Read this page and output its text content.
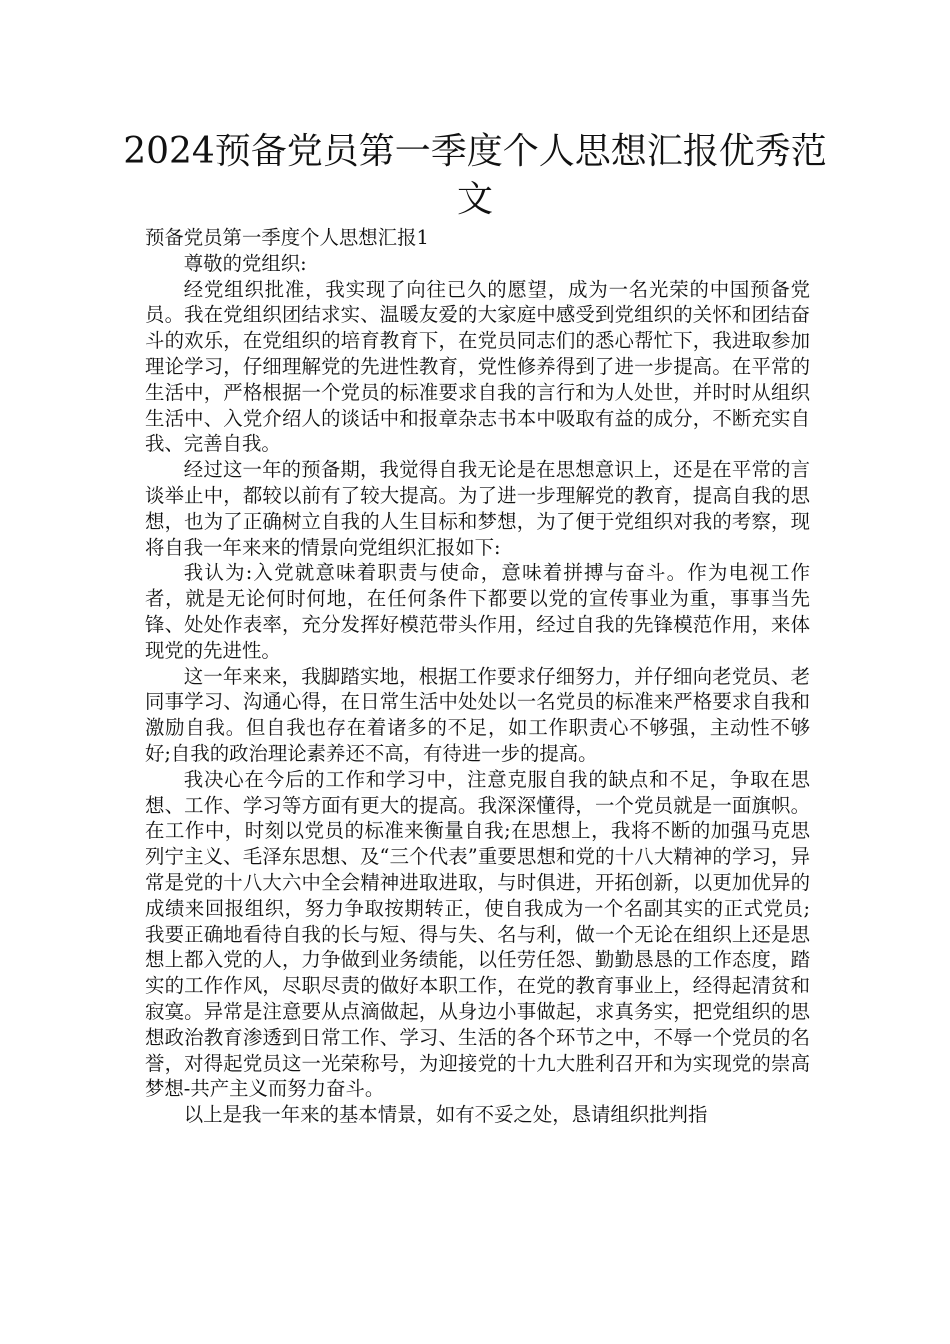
2024预备党员第一季度个人思想汇报优秀范文

预备党员第一季度个人思想汇报1

尊敬的党组织:

经党组织批准，我实现了向往已久的愿望，成为一名光荣的中国预备党员。我在党组织团结求实、温暖友爱的大家庭中感受到党组织的关怀和团结奋斗的欢乐，在党组织的培育教育下，在党员同志们的悉心帮忙下，我进取参加理论学习，仔细理解党的先进性教育，党性修养得到了进一步提高。在平常的生活中，严格根据一个党员的标准要求自我的言行和为人处世，并时时从组织生活中、入党介绍人的谈话中和报章杂志书本中吸取有益的成分，不断充实自我、完善自我。

经过这一年的预备期，我觉得自我无论是在思想意识上，还是在平常的言谈举止中，都较以前有了较大提高。为了进一步理解党的教育，提高自我的思想，也为了正确树立自我的人生目标和梦想，为了便于党组织对我的考察，现将自我一年来来的情景向党组织汇报如下:

我认为:入党就意味着职责与使命，意味着拼搏与奋斗。作为电视工作者，就是无论何时何地，在任何条件下都要以党的宣传事业为重，事事当先锋、处处作表率，充分发挥好模范带头作用，经过自我的先锋模范作用，来体现党的先进性。

这一年来来，我脚踏实地，根据工作要求仔细努力，并仔细向老党员、老同事学习、沟通心得，在日常生活中处处以一名党员的标准来严格要求自我和激励自我。但自我也存在着诸多的不足，如工作职责心不够强，主动性不够好;自我的政治理论素养还不高，有待进一步的提高。

我决心在今后的工作和学习中，注意克服自我的缺点和不足，争取在思想、工作、学习等方面有更大的提高。我深深懂得，一个党员就是一面旗帜。在工作中，时刻以党员的标准来衡量自我;在思想上，我将不断的加强马克思列宁主义、毛泽东思想、及“三个代表”重要思想和党的十八大精神的学习，异常是党的十八大六中全会精神进取进取，与时俱进，开拓创新，以更加优异的成绩来回报组织，努力争取按期转正，使自我成为一个名副其实的正式党员;我要正确地看待自我的长与短、得与失、名与利，做一个无论在组织上还是思想上都入党的人，力争做到业务绩能，以任劳任怨、勤勤恳恳的工作态度，踏实的工作作风，尽职尽责的做好本职工作，在党的教育事业上，经得起清贫和寂寞。异常是注意要从点滴做起，从身边小事做起，求真务实，把党组织的思想政治教育渗透到日常工作、学习、生活的各个环节之中，不辱一个党员的名誉，对得起党员这一光荣称号，为迎接党的十九大胜利召开和为实现党的崇高梦想-共产主义而努力奋斗。

以上是我一年来的基本情景，如有不妥之处，恳请组织批判指
